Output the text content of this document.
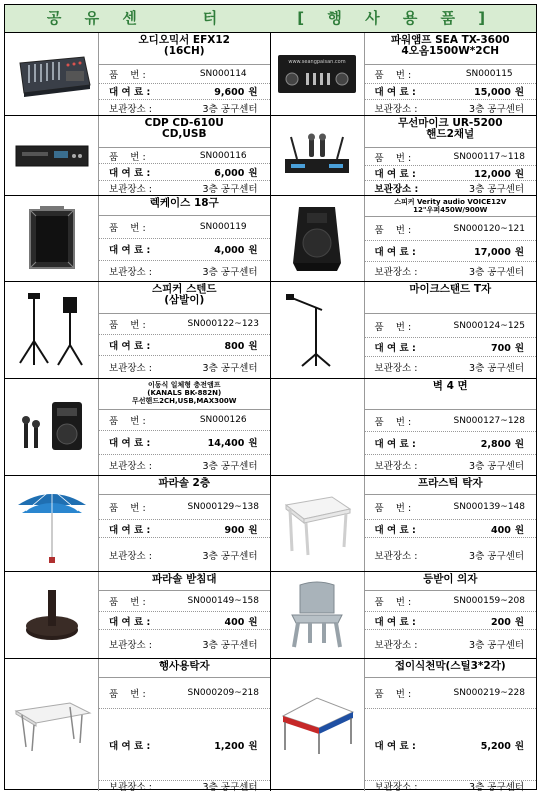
공 유 센    터     [ 행 사 용 품 ]
오디오믹서 EFX12
(16CH)
품    번 :	SN000114
대 여 료 :	9,600 원
보관장소 :	3층 공구센터
www.seangpaisan.com
파워앰프 SEA TX-3600
4오옴1500W*2CH
품    번 :	SN000115
대 여 료 :	15,000 원
보관장소 :	3층 공구센터
CDP CD-610U
CD,USB
품    번 :	SN000116
대 여 료 :	6,000 원
보관장소 :	3층 공구센터
무선마이크 UR-5200
핸드2채널
품    번 :	SN000117~118
대 여 료 :	12,000 원
보관장소 :	3층 공구센터
렉케이스 18구
품    번 :	SN000119
대 여 료 :	4,000 원
보관장소 :	3층 공구센터
스피커 Verity audio VOICE12V
12"우퍼450W/900W
품    번 :	SN000120~121
대 여 료 :	17,000 원
보관장소 :	3층 공구센터
스피커 스텐드
(삼발이)
품    번 :	SN000122~123
대 여 료 :	800 원
보관장소 :	3층 공구센터
마이크스탠드 T자
품    번 :	SN000124~125
대 여 료 :	700 원
보관장소 :	3층 공구센터
이동식 일체형 충전앰프
(KANALS BK-882N)
무선핸드2CH,USB,MAX300W
품    번 :	SN000126
대 여 료 :	14,400 원
보관장소 :	3층 공구센터
벽 4 면
품    번 :	SN000127~128
대 여 료 :	2,800 원
보관장소 :	3층 공구센터
파라솔 2층
품    번 :	SN000129~138
대 여 료 :	900 원
보관장소 :	3층 공구센터
프라스틱 탁자
품    번 :	SN000139~148
대 여 료 :	400 원
보관장소 :	3층 공구센터
파라솔 받침대
품    번 :	SN000149~158
대 여 료 :	400 원
보관장소 :	3층 공구센터
등받이 의자
품    번 :	SN000159~208
대 여 료 :	200 원
보관장소 :	3층 공구센터
행사용탁자
품    번 :	SN000209~218
대 여 료 :	1,200 원
보관장소 :	3층 공구센터
접이식천막(스틸3*2각)
품    번 :	SN000219~228
대 여 료 :	5,200 원
보관장소 :	3층 공구센터
